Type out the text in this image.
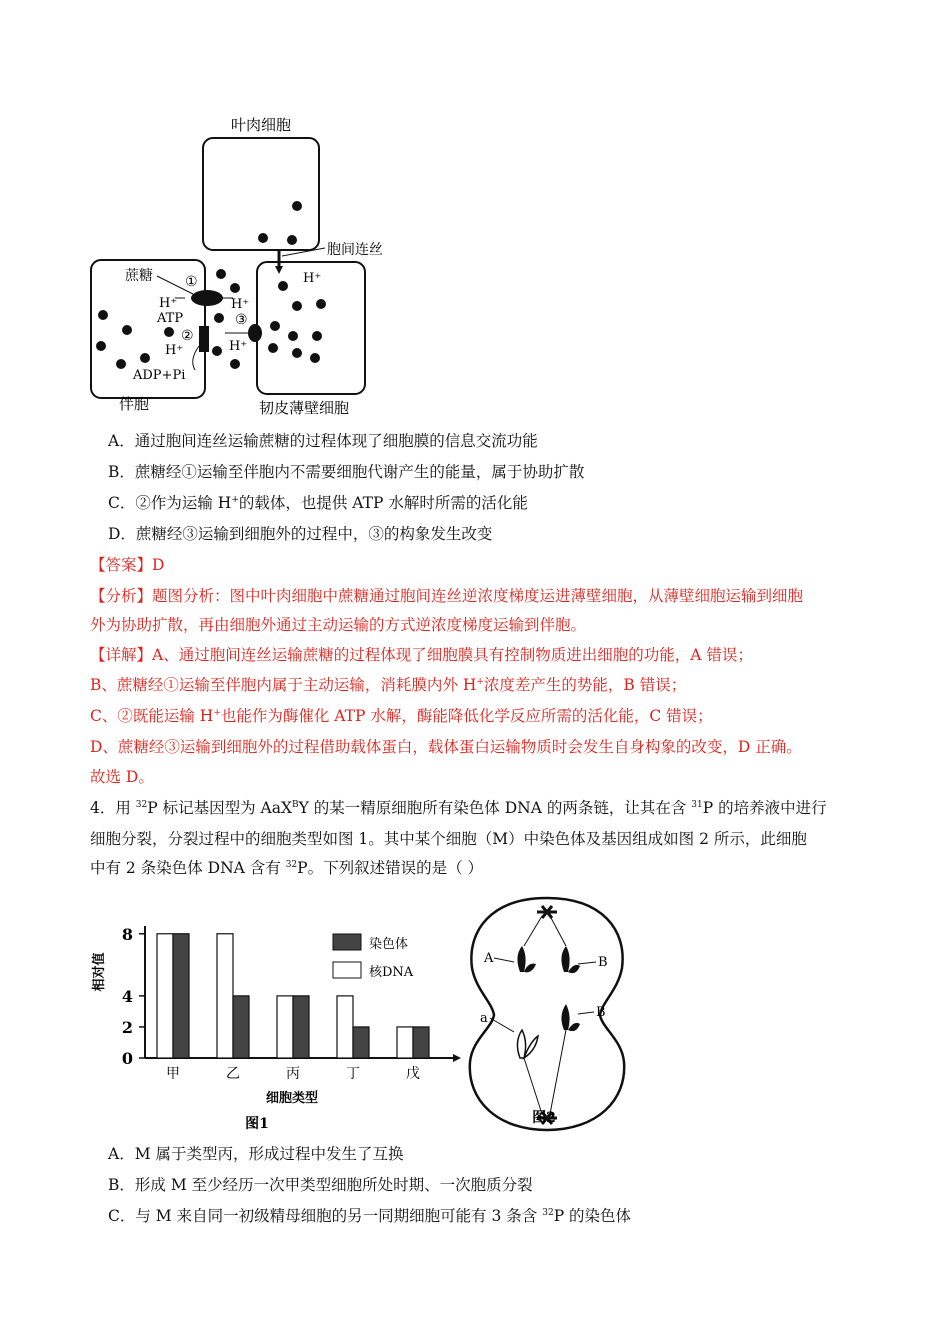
叶肉细胞
胞间连丝
伴胞
蔗糖
H⁺
ATP
H⁺
ADP+Pi
①
H⁺
②
③
H⁺
韧皮薄壁细胞
H⁺
A．通过胞间连丝运输蔗糖的过程体现了细胞膜的信息交流功能
B．蔗糖经①运输至伴胞内不需要细胞代谢产生的能量，属于协助扩散
C．②作为运输 H+的载体，也提供 ATP 水解时所需的活化能
D．蔗糖经③运输到细胞外的过程中，③的构象发生改变
【答案】D
【分析】题图分析：图中叶肉细胞中蔗糖通过胞间连丝逆浓度梯度运进薄壁细胞，从薄壁细胞运输到细胞
外为协助扩散，再由细胞外通过主动运输的方式逆浓度梯度运输到伴胞。
【详解】A、通过胞间连丝运输蔗糖的过程体现了细胞膜具有控制物质进出细胞的功能，A 错误；
B、蔗糖经①运输至伴胞内属于主动运输，消耗膜内外 H+浓度差产生的势能，B 错误；
C、②既能运输 H+也能作为酶催化 ATP 水解，酶能降低化学反应所需的活化能，C 错误；
D、蔗糖经③运输到细胞外的过程借助载体蛋白，载体蛋白运输物质时会发生自身构象的改变，D 正确。
故选 D。
4．用 $^{32}$P 标记基因型为 AaX$^B$Y 的某一精原细胞所有染色体 DNA 的两条链，让其在含 $^{31}$P 的培养液中进行
细胞分裂，分裂过程中的细胞类型如图 1。其中某个细胞（M）中染色体及基因组成如图 2 所示，此细胞
中有 2 条染色体 DNA 含有 $^{32}$P。下列叙述错误的是（ ）
相对值
细胞类型
图1
染色体
核DNA
0
2
4
8
甲	乙	丙	丁	戊
A	B
a	B
图2
A．M 属于类型丙，形成过程中发生了互换
B．形成 M 至少经历一次甲类型细胞所处时期、一次胞质分裂
C．与 M 来自同一初级精母细胞的另一同期细胞可能有 3 条含 $^{32}$P 的染色体
